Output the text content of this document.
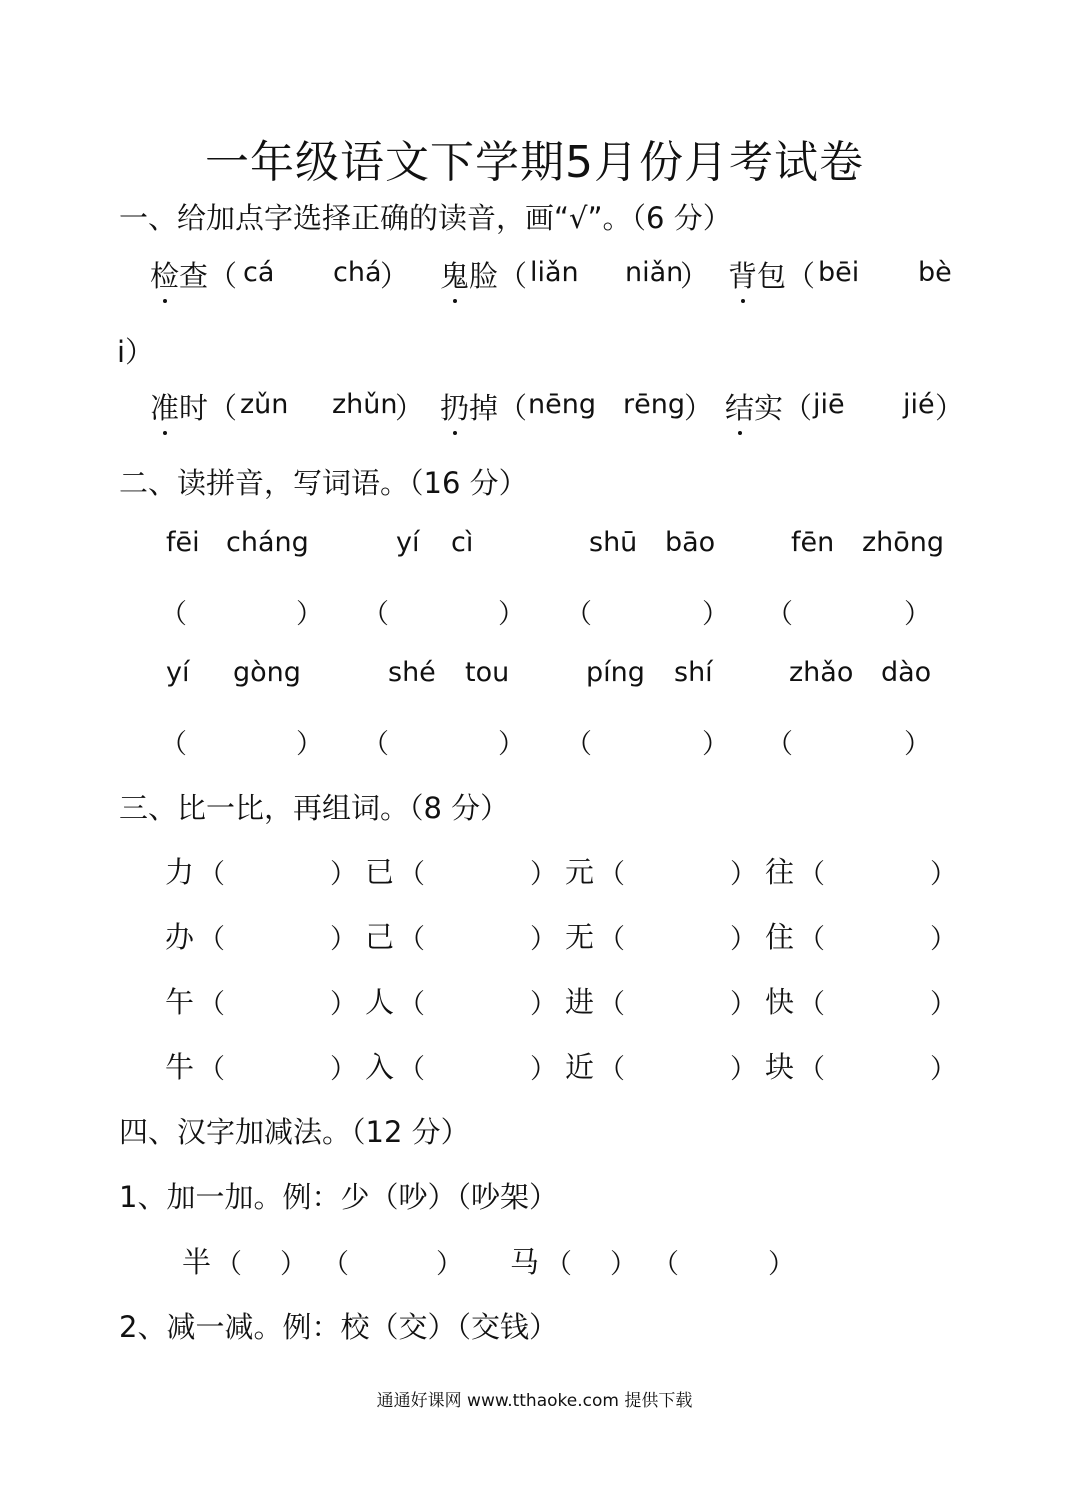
一年级语文下学期5月份月考试卷
一、给加点字选择正确的读音，画“√”。（6 分）
检查（ cá chá
） 鬼脸（ liǎn niǎn
） 背包（ bēi bè
i）
准时（ zǔn zhǔn
） 扔掉（ nēng rēng ） 结实（ jiē jié ）
二、读拼音，写词语。（16 分）
fēi cháng	yí cì	shū bāo	fēn zhōng
（	） （	） （	） （	）
yí gòng	shé tou	píng shí	zhǎo dào
（	） （	） （	） （	）
三、比一比，再组词。（8 分）
力	已	元	往
（	） （	） （	） （	）
办	己	无	住
（	） （	） （	） （	）
午	人	进	快
（	） （	） （	） （	）
牛	入	近	块
（	） （	） （	） （	）
四、汉字加减法。（12 分）
1、加一加。例：少（吵）（吵架）
半 （ ） （	） 马 （ ） （	）
2、减一减。例：校（交）（交钱）
通通好课网 www.tthaoke.com 提供下载
